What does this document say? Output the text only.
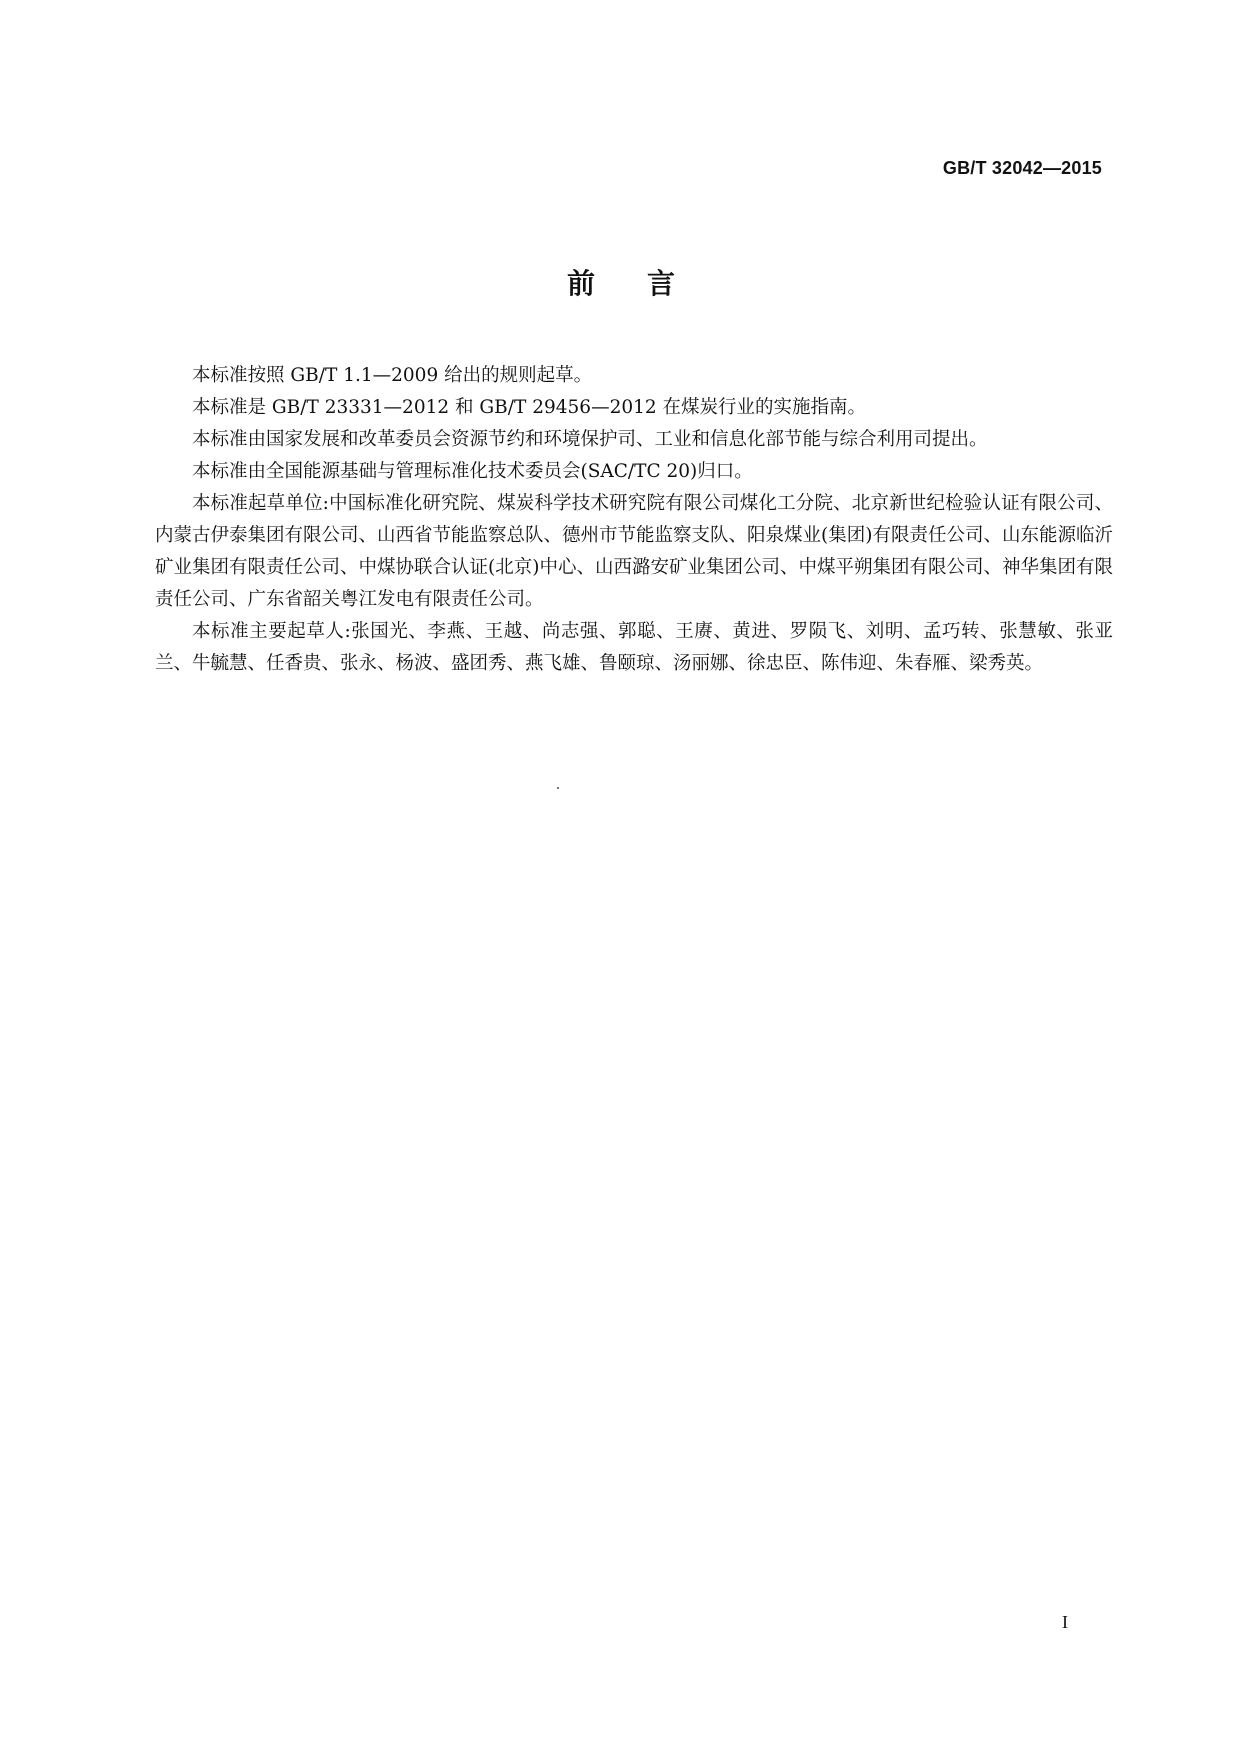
GB/T 32042—2015
前言

本标准按照 GB/T 1.1—2009 给出的规则起草。

本标准是 GB/T 23331—2012 和 GB/T 29456—2012 在煤炭行业的实施指南。

本标准由国家发展和改革委员会资源节约和环境保护司、工业和信息化部节能与综合利用司提出。

本标准由全国能源基础与管理标准化技术委员会(SAC/TC 20)归口。

本标准起草单位:中国标准化研究院、煤炭科学技术研究院有限公司煤化工分院、北京新世纪检验认证有限公司、内蒙古伊泰集团有限公司、山西省节能监察总队、德州市节能监察支队、阳泉煤业(集团)有限责任公司、山东能源临沂矿业集团有限责任公司、中煤协联合认证(北京)中心、山西潞安矿业集团公司、中煤平朔集团有限公司、神华集团有限责任公司、广东省韶关粤江发电有限责任公司。

本标准主要起草人:张国光、李燕、王越、尚志强、郭聪、王赓、黄进、罗陨飞、刘明、孟巧转、张慧敏、张亚兰、牛毓慧、任香贵、张永、杨波、盛团秀、燕飞雄、鲁颐琼、汤丽娜、徐忠臣、陈伟迎、朱春雁、梁秀英。

I
